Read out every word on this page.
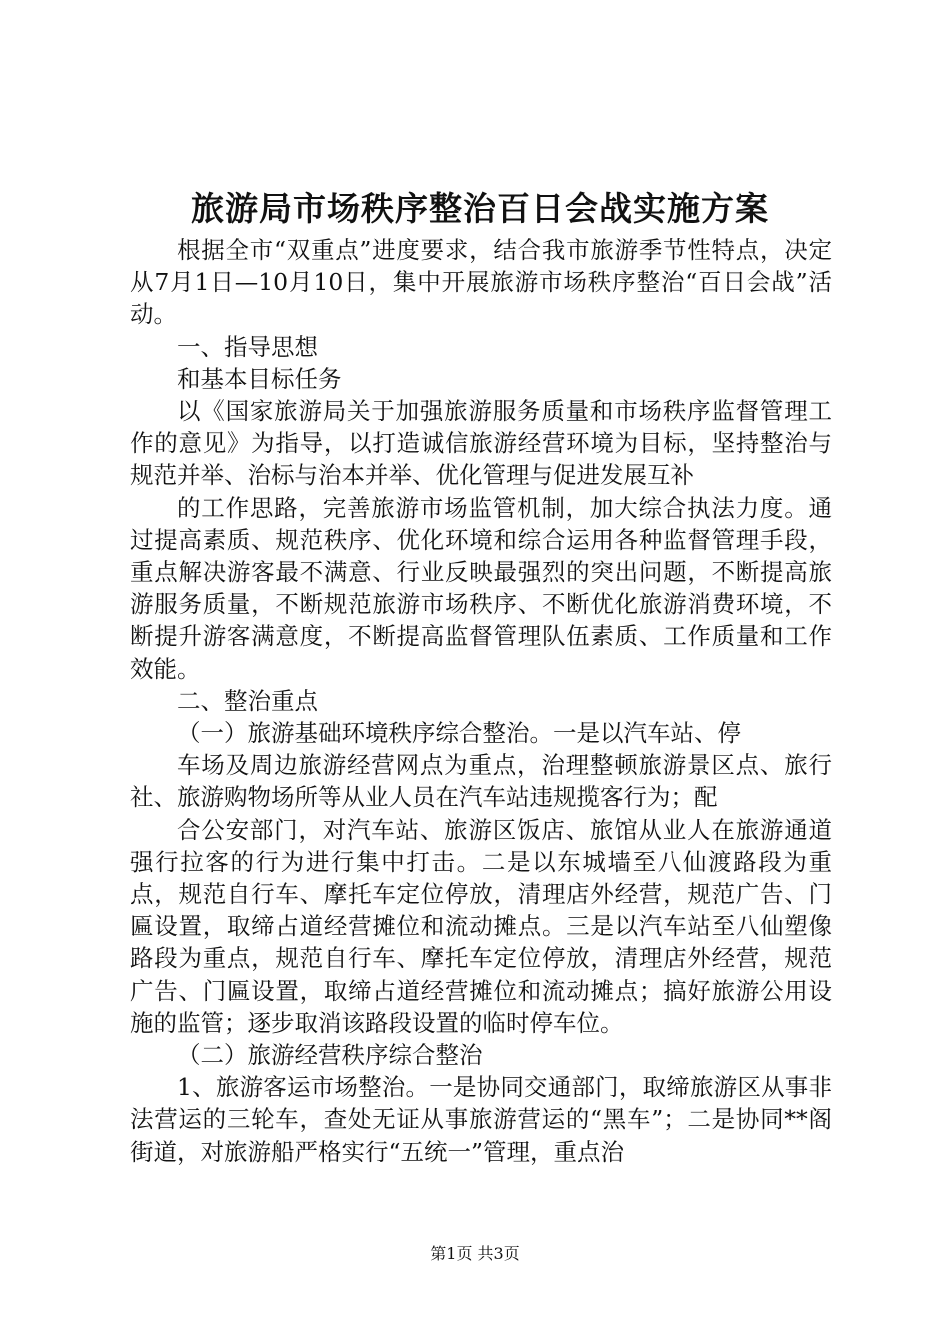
旅游局市场秩序整治百日会战实施方案

根据全市“双重点”进度要求，结合我市旅游季节性特点，决定从7月1日—10月10日，集中开展旅游市场秩序整治“百日会战”活动。

一、指导思想

和基本目标任务

以《国家旅游局关于加强旅游服务质量和市场秩序监督管理工作的意见》为指导，以打造诚信旅游经营环境为目标，坚持整治与规范并举、治标与治本并举、优化管理与促进发展互补

的工作思路，完善旅游市场监管机制，加大综合执法力度。通过提高素质、规范秩序、优化环境和综合运用各种监督管理手段，重点解决游客最不满意、行业反映最强烈的突出问题，不断提高旅游服务质量，不断规范旅游市场秩序、不断优化旅游消费环境，不断提升游客满意度，不断提高监督管理队伍素质、工作质量和工作效能。

二、整治重点

（一）旅游基础环境秩序综合整治。一是以汽车站、停

车场及周边旅游经营网点为重点，治理整顿旅游景区点、旅行社、旅游购物场所等从业人员在汽车站违规揽客行为；配

合公安部门，对汽车站、旅游区饭店、旅馆从业人在旅游通道强行拉客的行为进行集中打击。二是以东城墙至八仙渡路段为重点，规范自行车、摩托车定位停放，清理店外经营，规范广告、门匾设置，取缔占道经营摊位和流动摊点。三是以汽车站至八仙塑像路段为重点，规范自行车、摩托车定位停放，清理店外经营，规范广告、门匾设置，取缔占道经营摊位和流动摊点；搞好旅游公用设施的监管；逐步取消该路段设置的临时停车位。

（二）旅游经营秩序综合整治

1、旅游客运市场整治。一是协同交通部门，取缔旅游区从事非法营运的三轮车，查处无证从事旅游营运的“黑车”；二是协同**阁街道，对旅游船严格实行“五统一”管理，重点治

第1页 共3页
